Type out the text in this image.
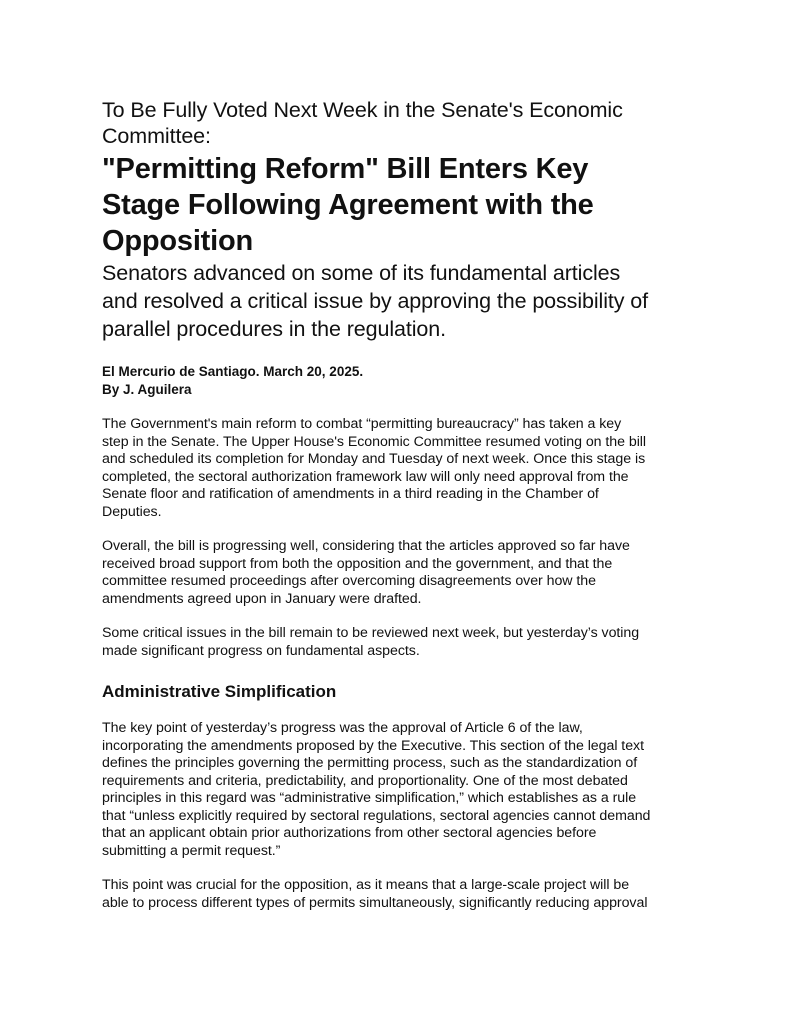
To Be Fully Voted Next Week in the Senate's Economic
Committee:
"Permitting Reform" Bill Enters Key
Stage Following Agreement with the
Opposition

Senators advanced on some of its fundamental articles
and resolved a critical issue by approving the possibility of
parallel procedures in the regulation.

El Mercurio de Santiago. March 20, 2025.
By J. Aguilera

The Government's main reform to combat “permitting bureaucracy” has taken a key
step in the Senate. The Upper House's Economic Committee resumed voting on the bill
and scheduled its completion for Monday and Tuesday of next week. Once this stage is
completed, the sectoral authorization framework law will only need approval from the
Senate floor and ratification of amendments in a third reading in the Chamber of
Deputies.

Overall, the bill is progressing well, considering that the articles approved so far have
received broad support from both the opposition and the government, and that the
committee resumed proceedings after overcoming disagreements over how the
amendments agreed upon in January were drafted.

Some critical issues in the bill remain to be reviewed next week, but yesterday’s voting
made significant progress on fundamental aspects.

Administrative Simplification

The key point of yesterday’s progress was the approval of Article 6 of the law,
incorporating the amendments proposed by the Executive. This section of the legal text
defines the principles governing the permitting process, such as the standardization of
requirements and criteria, predictability, and proportionality. One of the most debated
principles in this regard was “administrative simplification,” which establishes as a rule
that “unless explicitly required by sectoral regulations, sectoral agencies cannot demand
that an applicant obtain prior authorizations from other sectoral agencies before
submitting a permit request.”

This point was crucial for the opposition, as it means that a large-scale project will be
able to process different types of permits simultaneously, significantly reducing approval
